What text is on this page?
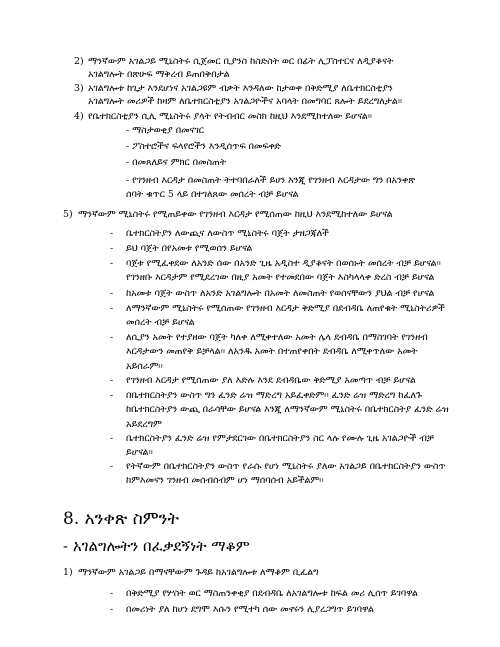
2) ማንኛውም አገልጋይ ሚኒስትሩ ሲጀመር ቢያንስ ከስድስት ወር በፊት ሊፓስተርና ለዲያቆናት
አገልግሎት በጽሁፍ ማቅረብ ይጠበቅበታል
3) አገልግሎቱ ከጊታ እንደሆነና አገልጋዩም ብቃት እንዳለው ከታወቀ በቅድሚያ ለቤተክርስቲያን
አገልግሎት መሪዎች ከዛም ለቤተክርስቲያን አገልጋዮችና አባላት በመግባር ጸሎት ይደረግለታል።
4) የቤተክርስቲያን ሲሊ ሚኒስትሩ ያላት የትብብር መስክ ከዚህ እንደሚከተለው ይሆናል፡፡
- ማስታወቂያ በመናገር
- ፖስተሮችና ፍላየሮችን እንዲሰጥፍ በመፍቀድ
- በመጸለይና ምክር በመስጠት
- የገንዘብ እርዳታ በመስጠት ትተባበራለች ይሀን እንጂ የገንዘብ እርዳታው ግን በአንቀጽ
ሰባት ቁጥር 5 ላይ በተገለጸው መሰረት ብቻ ይሆናል
5) ማንኛውም ሚኒስትሩ የሚጠይቀው የገንዘብ እርዳታ የሚሰጠው ከዚህ እንደሚከተለው ይሆናል
- ቤተክርስትያን ለውጪና ለውስጥ ሚኒስትሩ ባጀት ታዘጋጃለች
- ይህ ባጀት በየአመቱ የሚወሰን ይሆናል
- ባጀቱ የሚፈቀደው ለአንድ ሰው በአንድ ጊዜ አዲስተ ዲያቆናት በወሰኑት መሰረት ብቻ ይሆናል፡፡
የገንዘቡ እርዳታም የሚደረገው በዚያ አመት የተመደበው ባጀት እስካላላቀ ድረስ ብቻ ይሆናል
- ከአመቱ ባጀት ውስጥ ለአንድ አገልግሎት በአመት ለመስጠት የወሰናቸውን ያህል ብቻ የሆናል
- ለማንኛውም ሚኒስትሩ የሚሰጠው የገንዘብ እርዳታ ቅድሚያ በደብዳቤ ለጠየቁት ሚኒስትሪዎች
መሰረት ብቻ ይሆናል
- ለሲያን አመት የተያዘው ባጀት ካለቀ ለሚቀተለው አመት ሌላ ደብዳቤ በማስገባት የገንዘብ
እርዳታውን መጠየቅ ይቻላል፡፡ ለአንዱ አመት በተጠየቀበት ደብዳቤ ለሚቀጥለው አመት
አይሰራም፡፡
- የገንዘብ እርዳታ የሚሰጠው ያለ እድሉ እንደ ደብዳቤው ቅድሚያ አመጣጥ ብቻ ይሆናል
- በቤተክርስትያን ውስጥ ግን ፈንድ ሬዝ ማድረግ አይፈቀድም፡፡ ፈንድ ሬዝ ማድረግ ከፈለጉ
ከቤተክርስትያን ውጪ በራሳቸው ይሆናል እንጂ ለማንኛውም ሚኒስትሩ በቤተክርስትያ ፈንድ ሬዝ
አይደረግም
- ቤተክርስትያን ፈንድ ሬዝ የምታደርገው በቤተክርስትያን ስር ላሉ የሙሉ ጊዜ አገልጋዮች ብቻ
ይሆናል፡፡
- የትኛውም በቤተክርስትያን ውስጥ የራሱ የሆነ ሚኒስትሩ ያለው አገልጋይ በቤተክርስትያን ውስጥ
ከምእመናን ገንዘብ መሰብሰብም ሆነ ማሰባሰብ አይችልም፡፡
8. አንቀጽ ስምንት
- አገልግሎትን በፈቃደኝነት ማቆም
1) ማንኛውም አገልጋይ በማናቸውም ጉዳይ ከአገልግሎቱ ለማቆም ቢፈልግ
- በቅድሚያ የሦስት ወር ማስጠንቀቂያ በደብዳቤ ለአገልግሎቱ ከፍል መሪ ሊሰጥ ይገባዋል
- በመሪነት ያለ ከሆነ ደግሞ እሱን የሚተካ ሰው መኖሩን ሊያረጋግጥ ይገባዋል
